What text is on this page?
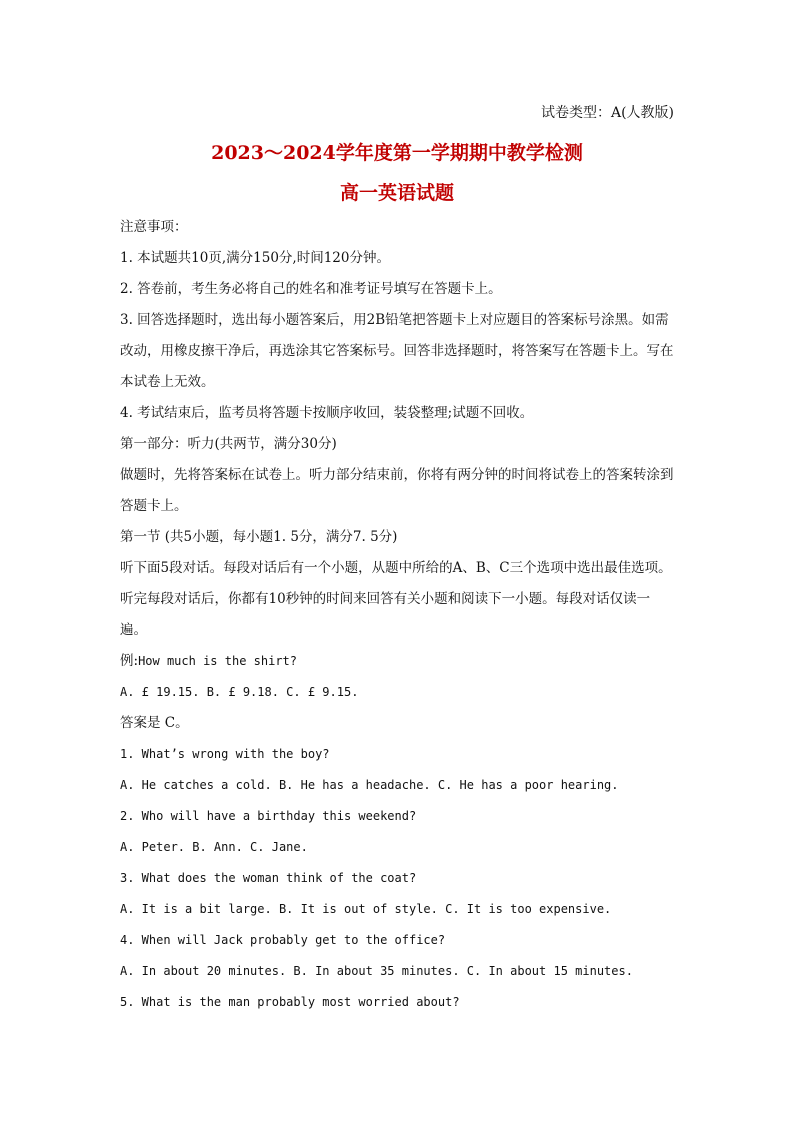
试卷类型：A(人教版)
2023～2024学年度第一学期期中教学检测
高一英语试题

注意事项：

1. 本试题共10页,满分150分,时间120分钟。

2. 答卷前，考生务必将自己的姓名和准考证号填写在答题卡上。

3. 回答选择题时，选出每小题答案后，用2B铅笔把答题卡上对应题目的答案标号涂黑。如需改动，用橡皮擦干净后，再选涂其它答案标号。回答非选择题时，将答案写在答题卡上。写在本试卷上无效。

4. 考试结束后，监考员将答题卡按顺序收回，装袋整理;试题不回收。

第一部分：听力(共两节，满分30分)

做题时，先将答案标在试卷上。听力部分结束前，你将有两分钟的时间将试卷上的答案转涂到答题卡上。

第一节 (共5小题，每小题1. 5分，满分7. 5分)

听下面5段对话。每段对话后有一个小题，从题中所给的A、B、C三个选项中选出最佳选项。听完每段对话后，你都有10秒钟的时间来回答有关小题和阅读下一小题。每段对话仅读一遍。

例:How much is the shirt?

A. £ 19.15. B. £ 9.18. C. £ 9.15.

答案是 C。

1. What’s wrong with the boy?

A. He catches a cold. B. He has a headache. C. He has a poor hearing.

2. Who will have a birthday this weekend?

A. Peter. B. Ann. C. Jane.

3. What does the woman think of the coat?

A. It is a bit large. B. It is out of style. C. It is too expensive.

4. When will Jack probably get to the office?

A. In about 20 minutes. B. In about 35 minutes. C. In about 15 minutes.

5. What is the man probably most worried about?
